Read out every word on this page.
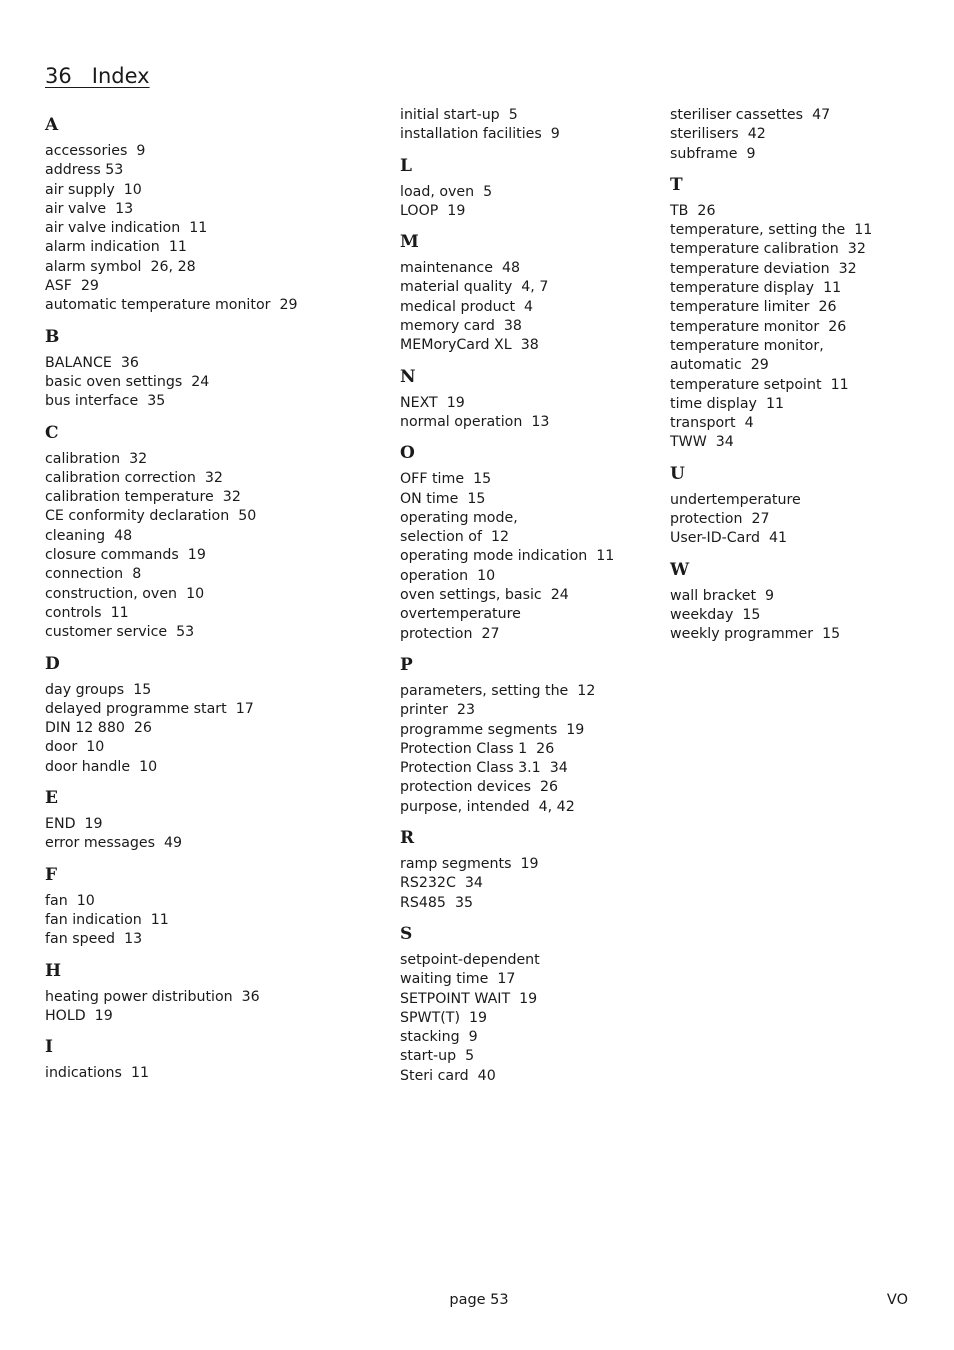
36   Index
A
accessories  9
address 53
air supply  10
air valve  13
air valve indication  11
alarm indication  11
alarm symbol  26, 28
ASF  29
automatic temperature monitor  29
B
BALANCE  36
basic oven settings  24
bus interface  35
C
calibration  32
calibration correction  32
calibration temperature  32
CE conformity declaration  50
cleaning  48
closure commands  19
connection  8
construction, oven  10
controls  11
customer service  53
D
day groups  15
delayed programme start  17
DIN 12 880  26
door  10
door handle  10
E
END  19
error messages  49
F
fan  10
fan indication  11
fan speed  13
H
heating power distribution  36
HOLD  19
I
indications  11
initial start-up  5
installation facilities  9
L
load, oven  5
LOOP  19
M
maintenance  48
material quality  4, 7
medical product  4
memory card  38
MEMoryCard XL  38
N
NEXT  19
normal operation  13
O
OFF time  15
ON time  15
operating mode,
selection of  12
operating mode indication  11
operation  10
oven settings, basic  24
overtemperature
protection  27
P
parameters, setting the  12
printer  23
programme segments  19
Protection Class 1  26
Protection Class 3.1  34
protection devices  26
purpose, intended  4, 42
R
ramp segments  19
RS232C  34
RS485  35
S
setpoint-dependent
waiting time  17
SETPOINT WAIT  19
SPWT(T)  19
stacking  9
start-up  5
Steri card  40
steriliser cassettes  47
sterilisers  42
subframe  9
T
TB  26
temperature, setting the  11
temperature calibration  32
temperature deviation  32
temperature display  11
temperature limiter  26
temperature monitor  26
temperature monitor,
automatic  29
temperature setpoint  11
time display  11
transport  4
TWW  34
U
undertemperature
protection  27
User-ID-Card  41
W
wall bracket  9
weekday  15
weekly programmer  15
page 53	VO
